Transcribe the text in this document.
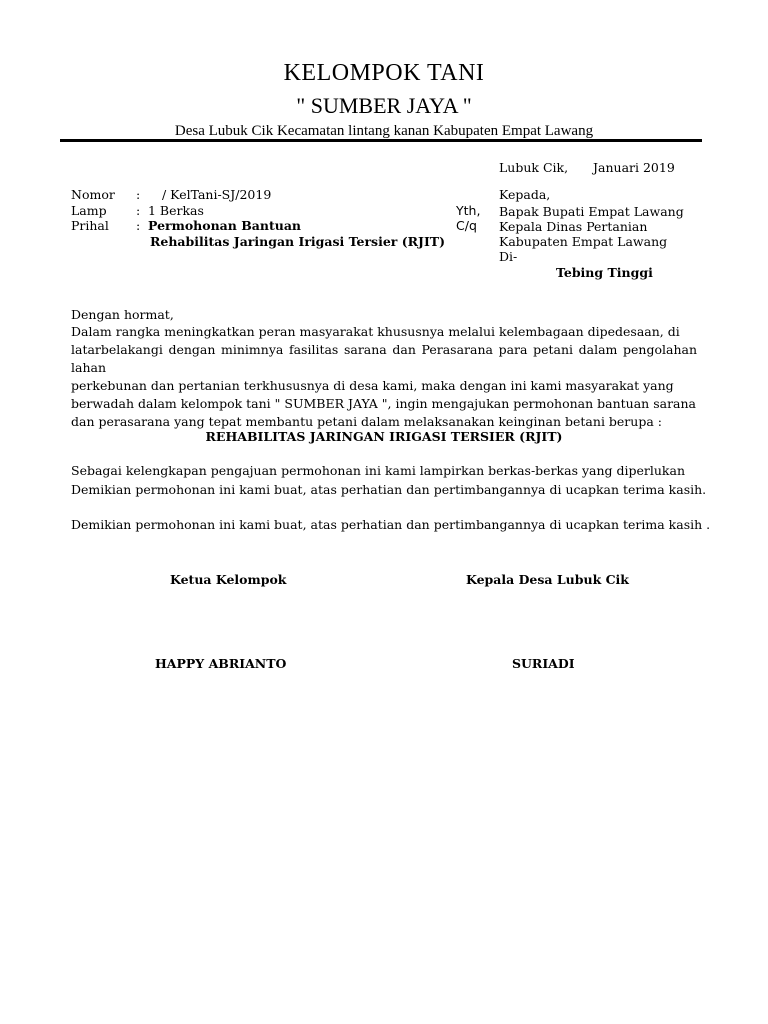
KELOMPOK TANI
" SUMBER JAYA "
Desa Lubuk Cik Kecamatan lintang kanan Kabupaten Empat Lawang
Lubuk Cik, Januari 2019
Nomor : / KelTani-SJ/2019
Lamp : 1 Berkas
Prihal : Permohonan Bantuan
Rehabilitas Jaringan Irigasi Tersier (RJIT)
Yth,
C/q
Kepada,
Bapak Bupati Empat Lawang
Kepala Dinas Pertanian
Kabupaten Empat Lawang
Di-
Tebing Tinggi
Dengan hormat,
Dalam rangka meningkatkan peran masyarakat khususnya melalui kelembagaan dipedesaan, di
latarbelakangi dengan minimnya fasilitas sarana dan Perasarana para petani dalam pengolahan lahan
perkebunan dan pertanian terkhususnya di desa kami, maka dengan ini kami masyarakat yang
berwadah dalam kelompok tani " SUMBER JAYA ", ingin mengajukan permohonan bantuan sarana
dan perasarana yang tepat membantu petani dalam melaksanakan keinginan betani berupa :
REHABILITAS JARINGAN IRIGASI TERSIER (RJIT)
Sebagai kelengkapan pengajuan permohonan ini kami lampirkan berkas-berkas yang diperlukan
Demikian permohonan ini kami buat, atas perhatian dan pertimbangannya di ucapkan terima kasih.
Demikian permohonan ini kami buat, atas perhatian dan pertimbangannya di ucapkan terima kasih .
Ketua Kelompok	Kepala Desa Lubuk Cik
HAPPY ABRIANTO	SURIADI
